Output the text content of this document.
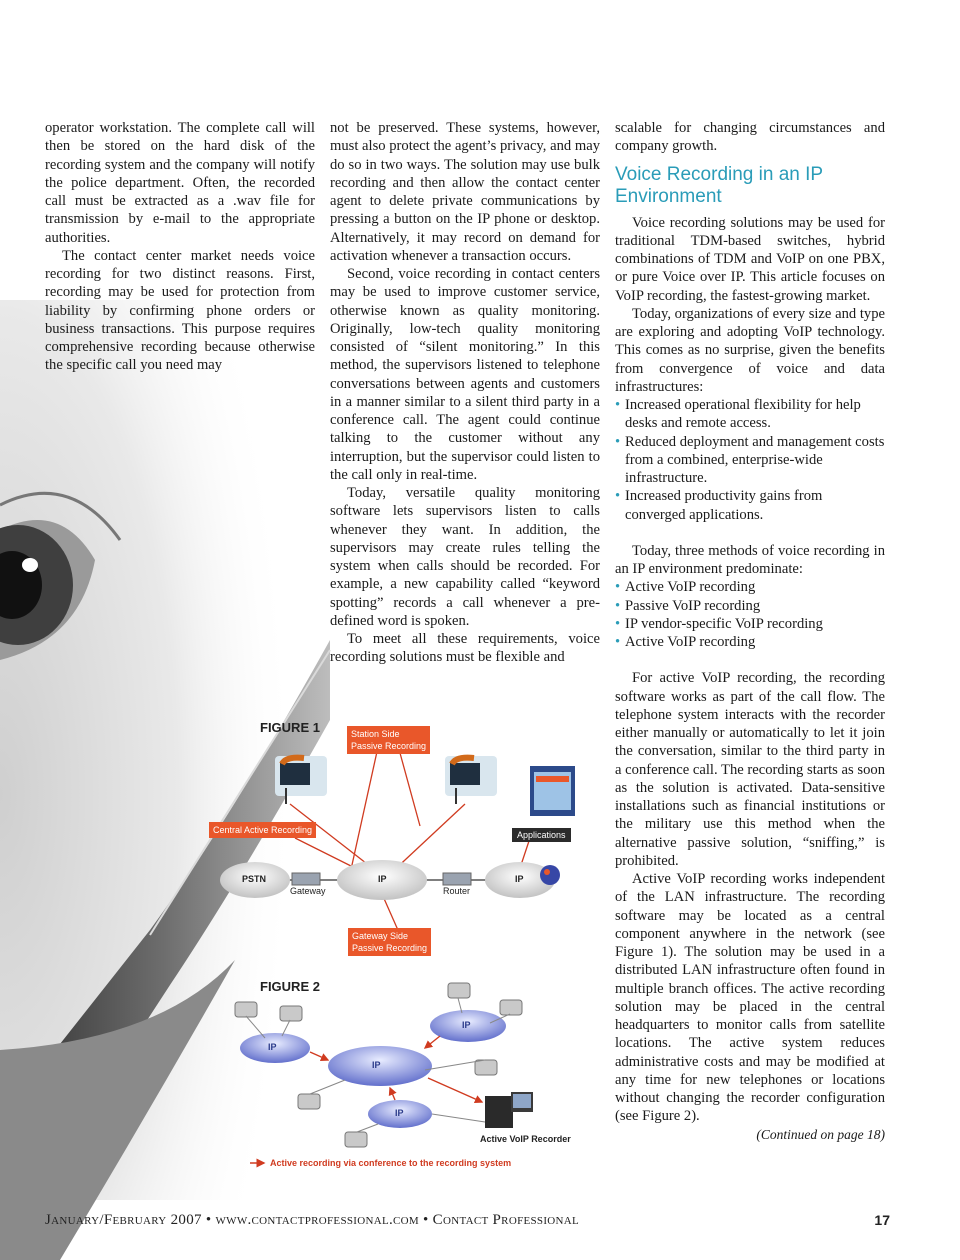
operator workstation. The complete call will then be stored on the hard disk of the recording system and the company will notify the police department. Often, the recorded call must be extracted as a .wav file for transmission by e-mail to the appropriate authorities.

The contact center market needs voice recording for two distinct reasons. First, recording may be used for protection from liability by confirming phone orders or business transactions. This purpose requires comprehensive recording because otherwise the specific call you need may

not be preserved. These systems, however, must also protect the agent’s privacy, and may do so in two ways. The solution may use bulk recording and then allow the contact center agent to delete private communications by pressing a button on the IP phone or desktop. Alternatively, it may record on demand for activation whenever a transaction occurs.

Second, voice recording in contact centers may be used to improve customer service, otherwise known as quality monitoring. Originally, low-tech quality monitoring consisted of “silent monitoring.” In this method, the supervisors listened to telephone conversations between agents and customers in a manner similar to a silent third party in a conference call. The agent could continue talking to the customer without any interruption, but the supervisor could listen to the call only in real-time.

Today, versatile quality monitoring software lets supervisors listen to calls whenever they want. In addition, the supervisors may create rules telling the system when calls should be recorded. For example, a new capability called “keyword spotting” records a call whenever a pre-defined word is spoken.

To meet all these requirements, voice recording solutions must be flexible and

scalable for changing circumstances and company growth.

Voice Recording in an IP Environment

Voice recording solutions may be used for traditional TDM-based switches, hybrid combinations of TDM and VoIP on one PBX, or pure Voice over IP. This article focuses on VoIP recording, the fastest-growing market.

Today, organizations of every size and type are exploring and adopting VoIP technology. This comes as no surprise, given the benefits from convergence of voice and data infrastructures:

• Increased operational flexibility for help desks and remote access.
• Reduced deployment and management costs from a combined, enterprise-wide infrastructure.
• Increased productivity gains from converged applications.

Today, three methods of voice recording in an IP environment predominate:

• Active VoIP recording
• Passive VoIP recording
• IP vendor-specific VoIP recording
• Active VoIP recording

For active VoIP recording, the recording software works as part of the call flow. The telephone system interacts with the recorder either manually or automatically to let it join the conversation, similar to the third party in a conference call. The recording starts as soon as the solution is activated. Data-sensitive installations such as financial institutions or the military use this method when the alternative passive solution, “sniffing,” is prohibited.

Active VoIP recording works independent of the LAN infrastructure. The recording software may be located as a central component anywhere in the network (see Figure 1). The solution may be used in a distributed LAN infrastructure often found in multiple branch offices. The active recording solution may be placed in the central headquarters to monitor calls from satellite locations. The active system reduces administrative costs and may be modified at any time for new telephones or locations without changing the recorder configuration (see Figure 2).

(Continued on page 18)

FIGURE 1	Station Side
Passive Recording
Central Active Recording
Gateway Side
Passive Recording
Applications
PSTN
Gateway
IP
Router
IP
FIGURE 2
IP
IP
IP
IP
Active VoIP Recorder
Active recording via conference to the recording system
January/February 2007 • www.contactprofessional.com • Contact Professional	17
